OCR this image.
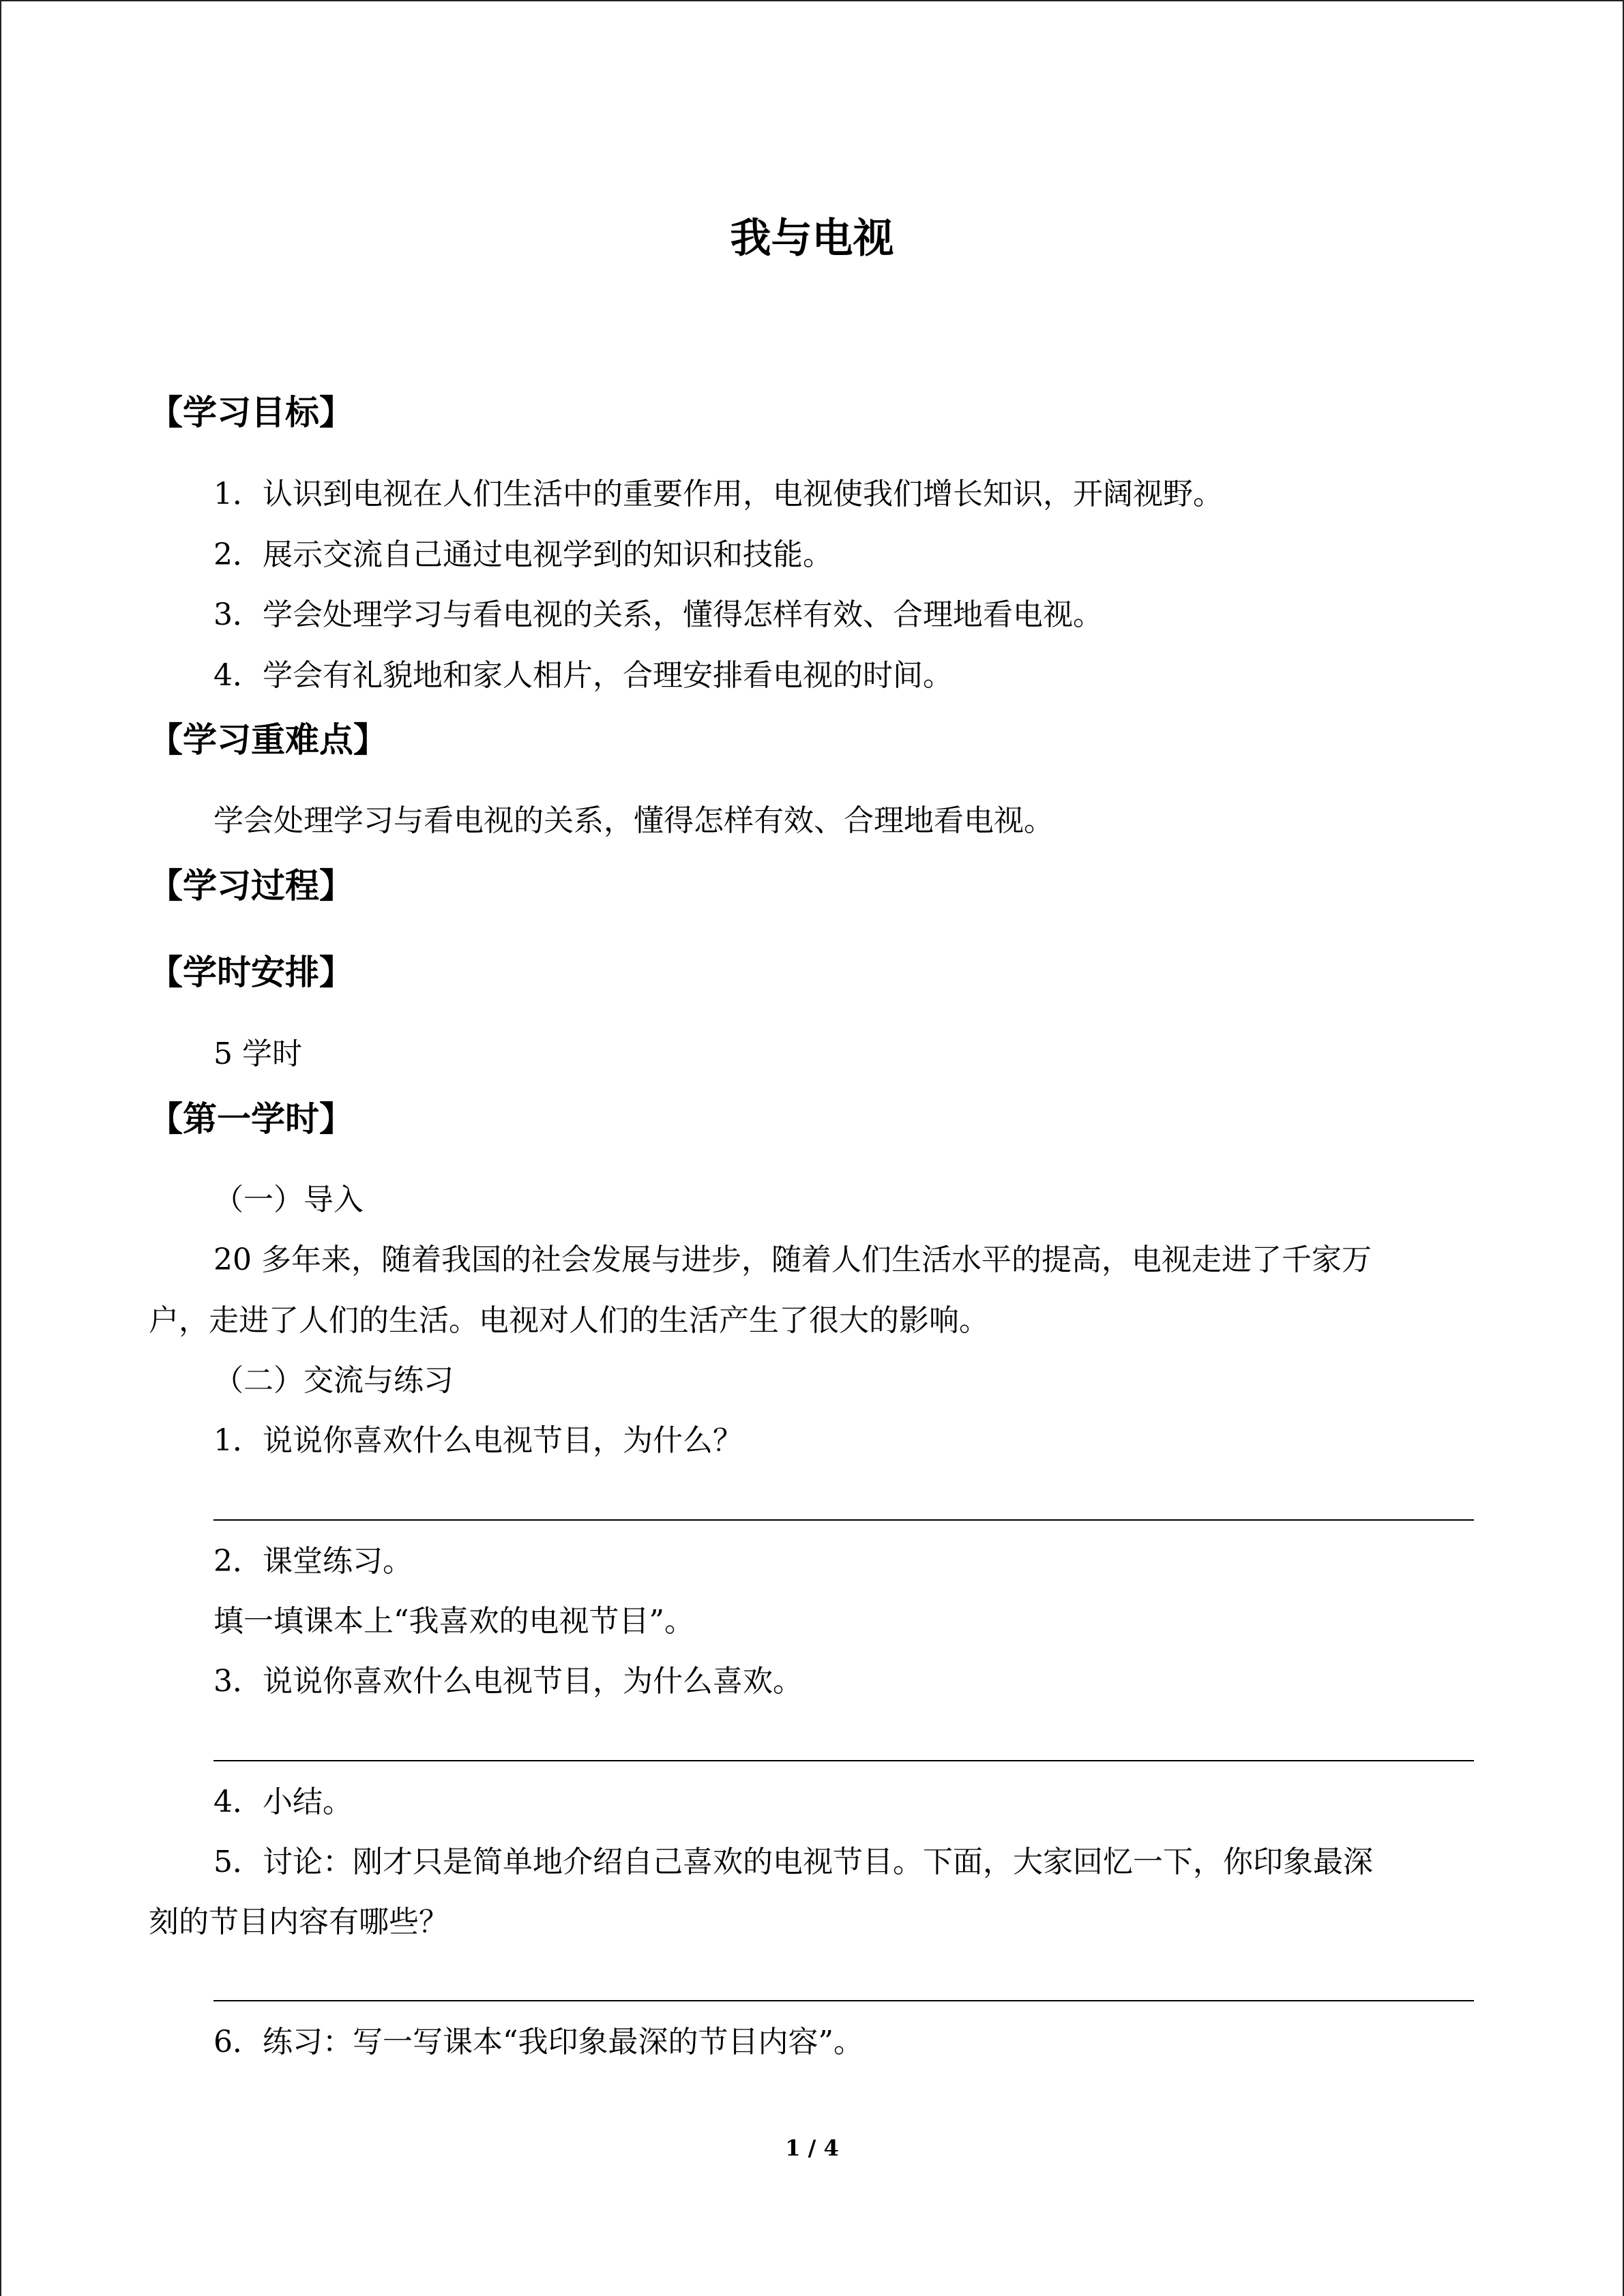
我与电视
【学习目标】
1．认识到电视在人们生活中的重要作用，电视使我们增长知识，开阔视野。
2．展示交流自己通过电视学到的知识和技能。
3．学会处理学习与看电视的关系，懂得怎样有效、合理地看电视。
4．学会有礼貌地和家人相片，合理安排看电视的时间。
【学习重难点】
学会处理学习与看电视的关系，懂得怎样有效、合理地看电视。
【学习过程】
【学时安排】
5 学时
【第一学时】
（一）导入
20 多年来，随着我国的社会发展与进步，随着人们生活水平的提高，电视走进了千家万
户，走进了人们的生活。电视对人们的生活产生了很大的影响。
（二）交流与练习
1．说说你喜欢什么电视节目，为什么？
2．课堂练习。
填一填课本上“我喜欢的电视节目”。
3．说说你喜欢什么电视节目，为什么喜欢。
4．小结。
5．讨论：刚才只是简单地介绍自己喜欢的电视节目。下面，大家回忆一下，你印象最深
刻的节目内容有哪些？
6．练习：写一写课本“我印象最深的节目内容”。
1 / 4
